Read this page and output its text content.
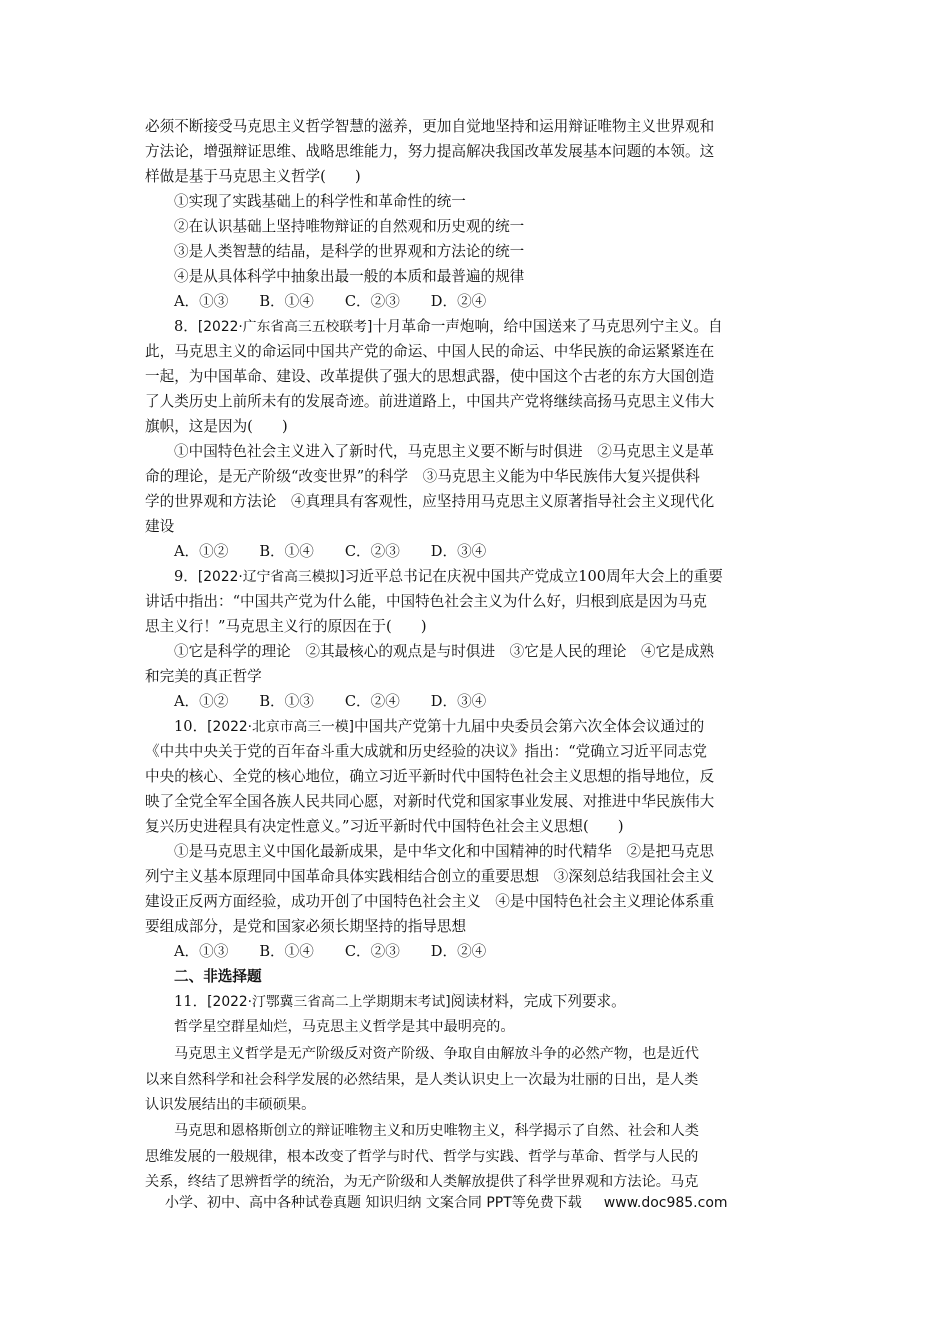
必须不断接受马克思主义哲学智慧的滋养，更加自觉地坚持和运用辩证唯物主义世界观和
方法论，增强辩证思维、战略思维能力，努力提高解决我国改革发展基本问题的本领。这
样做是基于马克思主义哲学(　　)
①实现了实践基础上的科学性和革命性的统一
②在认识基础上坚持唯物辩证的自然观和历史观的统一
③是人类智慧的结晶，是科学的世界观和方法论的统一
④是从具体科学中抽象出最一般的本质和最普遍的规律
A．①③ B．①④ C．②③ D．②④
8．[2022·广东省高三五校联考]十月革命一声炮响，给中国送来了马克思列宁主义。自
此，马克思主义的命运同中国共产党的命运、中国人民的命运、中华民族的命运紧紧连在
一起，为中国革命、建设、改革提供了强大的思想武器，使中国这个古老的东方大国创造
了人类历史上前所未有的发展奇迹。前进道路上，中国共产党将继续高扬马克思主义伟大
旗帜，这是因为(　　)
①中国特色社会主义进入了新时代，马克思主义要不断与时俱进　②马克思主义是革
命的理论，是无产阶级“改变世界”的科学　③马克思主义能为中华民族伟大复兴提供科
学的世界观和方法论　④真理具有客观性，应坚持用马克思主义原著指导社会主义现代化
建设
A．①② B．①④ C．②③ D．③④
9．[2022·辽宁省高三模拟]习近平总书记在庆祝中国共产党成立100周年大会上的重要
讲话中指出：“中国共产党为什么能，中国特色社会主义为什么好，归根到底是因为马克
思主义行！”马克思主义行的原因在于(　　)
①它是科学的理论　②其最核心的观点是与时俱进　③它是人民的理论　④它是成熟
和完美的真正哲学
A．①② B．①③ C．②④ D．③④
10．[2022·北京市高三一模]中国共产党第十九届中央委员会第六次全体会议通过的
《中共中央关于党的百年奋斗重大成就和历史经验的决议》指出：“党确立习近平同志党
中央的核心、全党的核心地位，确立习近平新时代中国特色社会主义思想的指导地位，反
映了全党全军全国各族人民共同心愿，对新时代党和国家事业发展、对推进中华民族伟大
复兴历史进程具有决定性意义。”习近平新时代中国特色社会主义思想(　　)
①是马克思主义中国化最新成果，是中华文化和中国精神的时代精华　②是把马克思
列宁主义基本原理同中国革命具体实践相结合创立的重要思想　③深刻总结我国社会主义
建设正反两方面经验，成功开创了中国特色社会主义　④是中国特色社会主义理论体系重
要组成部分，是党和国家必须长期坚持的指导思想
A．①③ B．①④ C．②③ D．②④
二、非选择题
11．[2022·汀鄂冀三省高二上学期期末考试]阅读材料，完成下列要求。
哲学星空群星灿烂，马克思主义哲学是其中最明亮的。
马克思主义哲学是无产阶级反对资产阶级、争取自由解放斗争的必然产物，也是近代
以来自然科学和社会科学发展的必然结果，是人类认识史上一次最为壮丽的日出，是人类
认识发展结出的丰硕硕果。
马克思和恩格斯创立的辩证唯物主义和历史唯物主义，科学揭示了自然、社会和人类
思维发展的一般规律，根本改变了哲学与时代、哲学与实践、哲学与革命、哲学与人民的
关系，终结了思辨哲学的统治，为无产阶级和人类解放提供了科学世界观和方法论。马克
小学、初中、高中各种试卷真题 知识归纳 文案合同 PPT等免费下载 www.doc985.com
